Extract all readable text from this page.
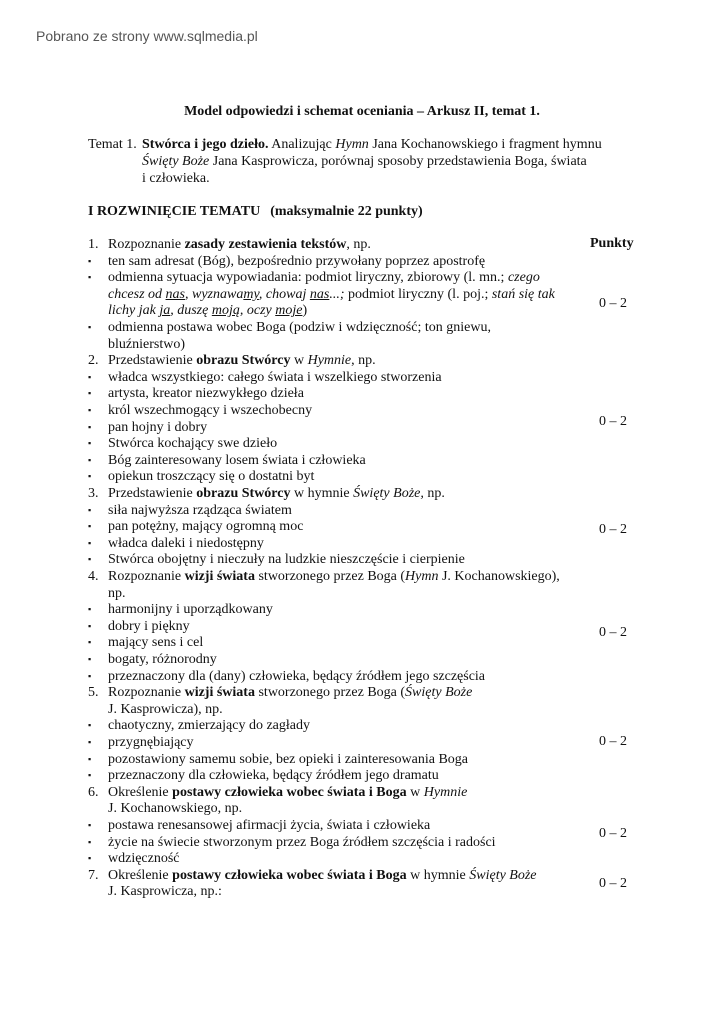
Pobrano ze strony www.sqlmedia.pl
Model odpowiedzi i schemat oceniania – Arkusz II, temat 1.
Temat 1. Stwórca i jego dzieło. Analizując Hymn Jana Kochanowskiego i fragment hymnu
Święty Boże Jana Kasprowicza, porównaj sposoby przedstawienia Boga, świata
i człowieka.
I ROZWINIĘCIE TEMATU (maksymalnie 22 punkty)
Punkty
1. Rozpoznanie zasady zestawienia tekstów, np.
▪ ten sam adresat (Bóg), bezpośrednio przywołany poprzez apostrofę
▪ odmienna sytuacja wypowiadania: podmiot liryczny, zbiorowy (l. mn.; czego
chcesz od nas, wyznawamy, chowaj nas...; podmiot liryczny (l. poj.; stań się tak
lichy jak ja, duszę moją, oczy moje)
▪ odmienna postawa wobec Boga (podziw i wdzięczność; ton gniewu,
bluźnierstwo)
2. Przedstawienie obrazu Stwórcy w Hymnie, np.
▪ władca wszystkiego: całego świata i wszelkiego stworzenia
▪ artysta, kreator niezwykłego dzieła
▪ król wszechmogący i wszechobecny
▪ pan hojny i dobry
▪ Stwórca kochający swe dzieło
▪ Bóg zainteresowany losem świata i człowieka
▪ opiekun troszczący się o dostatni byt
3. Przedstawienie obrazu Stwórcy w hymnie Święty Boże, np.
▪ siła najwyższa rządząca światem
▪ pan potężny, mający ogromną moc
▪ władca daleki i niedostępny
▪ Stwórca obojętny i nieczuły na ludzkie nieszczęście i cierpienie
4. Rozpoznanie wizji świata stworzonego przez Boga (Hymn J. Kochanowskiego),
np.
▪ harmonijny i uporządkowany
▪ dobry i piękny
▪ mający sens i cel
▪ bogaty, różnorodny
▪ przeznaczony dla (dany) człowieka, będący źródłem jego szczęścia
5. Rozpoznanie wizji świata stworzonego przez Boga (Święty Boże
J. Kasprowicza), np.
▪ chaotyczny, zmierzający do zagłady
▪ przygnębiający
▪ pozostawiony samemu sobie, bez opieki i zainteresowania Boga
▪ przeznaczony dla człowieka, będący źródłem jego dramatu
6. Określenie postawy człowieka wobec świata i Boga w Hymnie
J. Kochanowskiego, np.
▪ postawa renesansowej afirmacji życia, świata i człowieka
▪ życie na świecie stworzonym przez Boga źródłem szczęścia i radości
▪ wdzięczność
7. Określenie postawy człowieka wobec świata i Boga w hymnie Święty Boże
J. Kasprowicza, np.:
0 – 2
0 – 2
0 – 2
0 – 2
0 – 2
0 – 2
0 – 2
